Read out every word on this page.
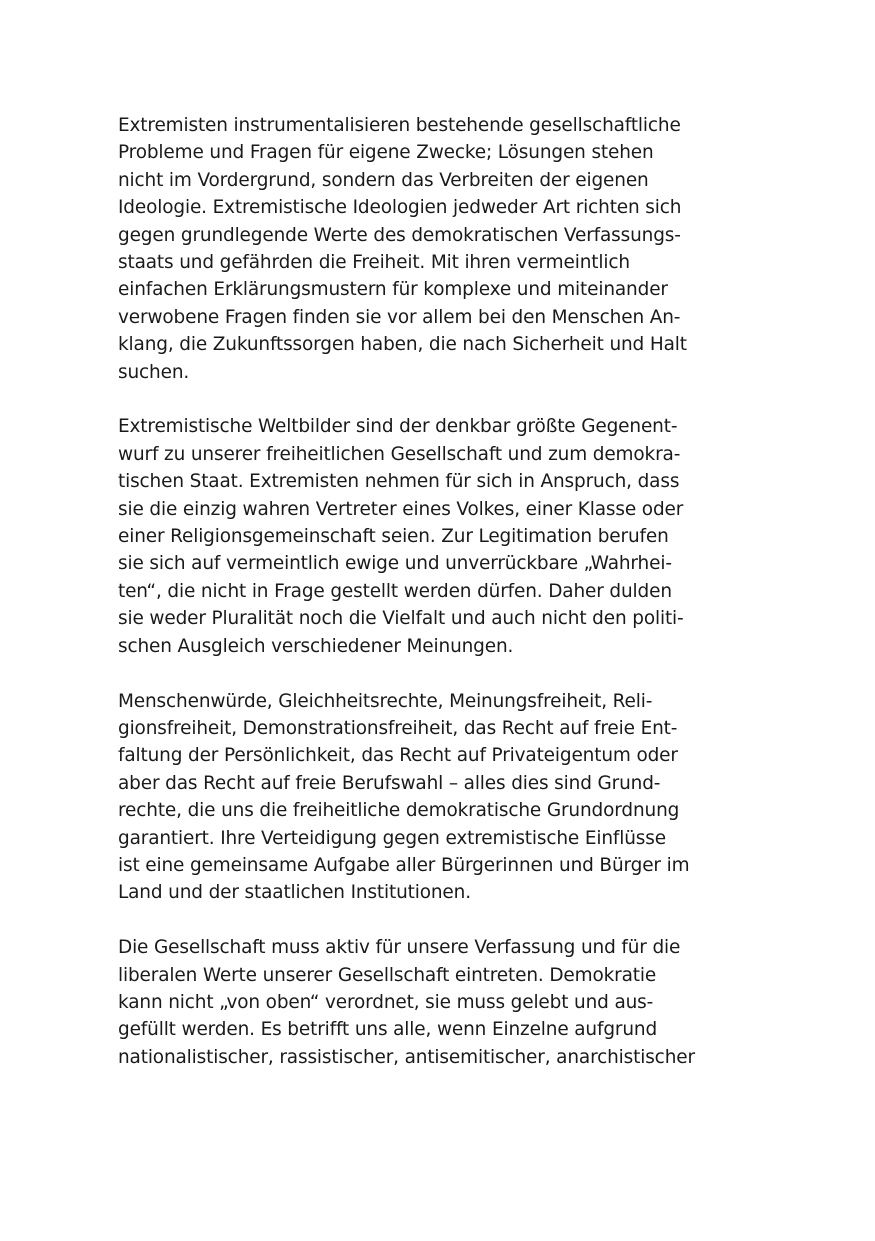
Extremisten instrumentalisieren bestehende gesellschaftliche
Probleme und Fragen für eigene Zwecke; Lösungen stehen
nicht im Vordergrund, sondern das Verbreiten der eigenen
Ideologie. Extremistische Ideologien jedweder Art richten sich
gegen grundlegende Werte des demokratischen Verfassungs-
staats und gefährden die Freiheit. Mit ihren vermeintlich
einfachen Erklärungsmustern für komplexe und miteinander
verwobene Fragen finden sie vor allem bei den Menschen An-
klang, die Zukunftssorgen haben, die nach Sicherheit und Halt
suchen.

Extremistische Weltbilder sind der denkbar größte Gegenent-
wurf zu unserer freiheitlichen Gesellschaft und zum demokra-
tischen Staat. Extremisten nehmen für sich in Anspruch, dass
sie die einzig wahren Vertreter eines Volkes, einer Klasse oder
einer Religionsgemeinschaft seien. Zur Legitimation berufen
sie sich auf vermeintlich ewige und unverrückbare „Wahrhei-
ten“, die nicht in Frage gestellt werden dürfen. Daher dulden
sie weder Pluralität noch die Vielfalt und auch nicht den politi-
schen Ausgleich verschiedener Meinungen.

Menschenwürde, Gleichheitsrechte, Meinungsfreiheit, Reli-
gionsfreiheit, Demonstrationsfreiheit, das Recht auf freie Ent-
faltung der Persönlichkeit, das Recht auf Privateigentum oder
aber das Recht auf freie Berufswahl – alles dies sind Grund-
rechte, die uns die freiheitliche demokratische Grundordnung
garantiert. Ihre Verteidigung gegen extremistische Einflüsse
ist eine gemeinsame Aufgabe aller Bürgerinnen und Bürger im
Land und der staatlichen Institutionen.

Die Gesellschaft muss aktiv für unsere Verfassung und für die
liberalen Werte unserer Gesellschaft eintreten. Demokratie
kann nicht „von oben“ verordnet, sie muss gelebt und aus-
gefüllt werden. Es betrifft uns alle, wenn Einzelne aufgrund
nationalistischer, rassistischer, antisemitischer, anarchistischer
